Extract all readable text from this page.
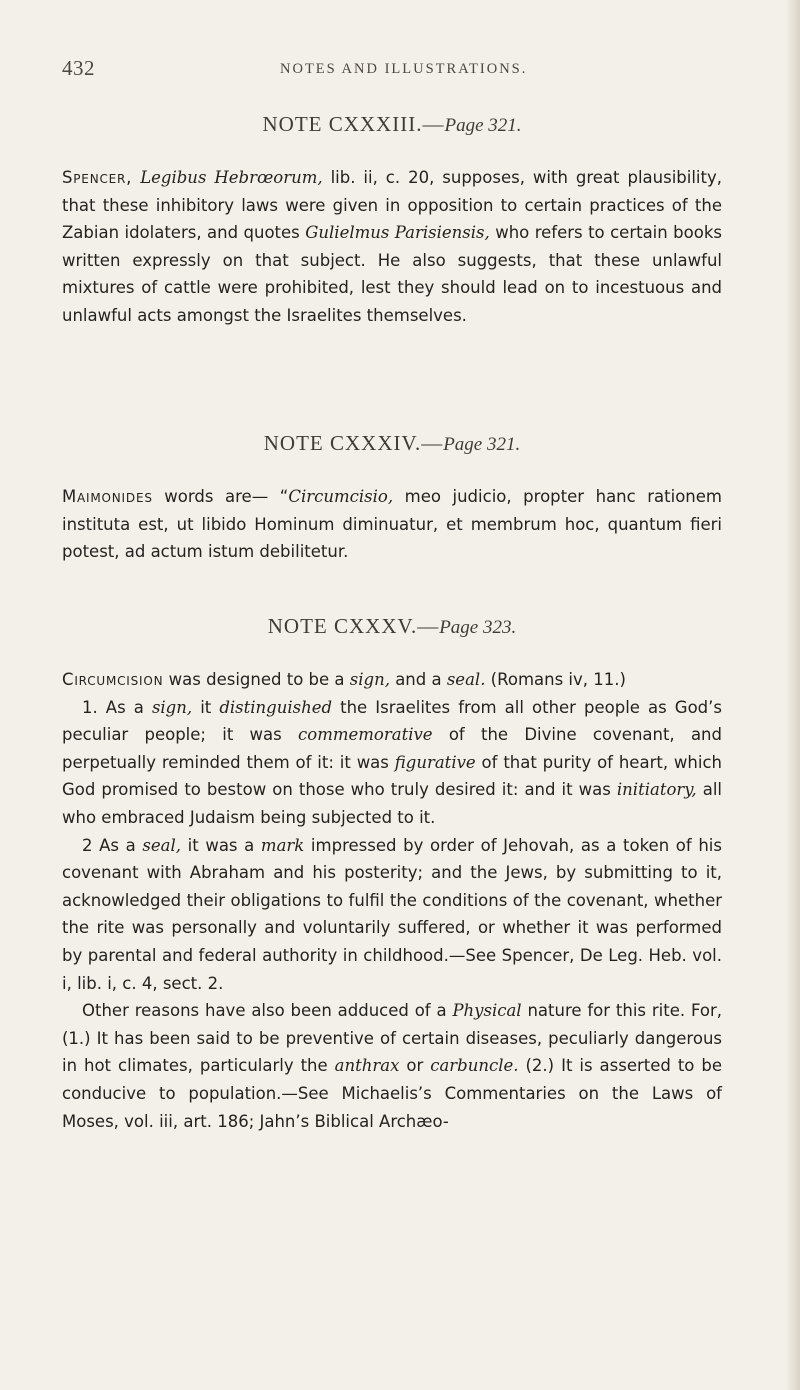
432	NOTES AND ILLUSTRATIONS.
NOTE CXXXIII.—Page 321.

Spencer, Legibus Hebrœorum, lib. ii, c. 20, supposes, with great plausibility, that these inhibitory laws were given in opposition to certain practices of the Zabian idolaters, and quotes Gulielmus Parisiensis, who refers to certain books written expressly on that subject. He also suggests, that these unlawful mixtures of cattle were prohibited, lest they should lead on to incestuous and unlawful acts amongst the Israelites themselves.

NOTE CXXXIV.—Page 321.

Maimonides words are— “Circumcisio, meo judicio, propter hanc rationem instituta est, ut libido Hominum diminuatur, et membrum hoc, quantum fieri potest, ad actum istum debilitetur.

NOTE CXXXV.—Page 323.

Circumcision was designed to be a sign, and a seal. (Romans iv, 11.)

1. As a sign, it distinguished the Israelites from all other people as God’s peculiar people; it was commemorative of the Divine covenant, and perpetually reminded them of it: it was figurative of that purity of heart, which God promised to bestow on those who truly desired it: and it was initiatory, all who embraced Judaism being subjected to it.

2 As a seal, it was a mark impressed by order of Jehovah, as a token of his covenant with Abraham and his posterity; and the Jews, by submitting to it, acknowledged their obligations to fulfil the conditions of the covenant, whether the rite was personally and voluntarily suffered, or whether it was performed by parental and federal authority in childhood.—See Spencer, De Leg. Heb. vol. i, lib. i, c. 4, sect. 2.

Other reasons have also been adduced of a Physical nature for this rite. For, (1.) It has been said to be preventive of certain diseases, peculiarly dangerous in hot climates, particularly the anthrax or carbuncle. (2.) It is asserted to be conducive to population.—See Michaelis’s Commentaries on the Laws of Moses, vol. iii, art. 186; Jahn’s Biblical Archæo-
